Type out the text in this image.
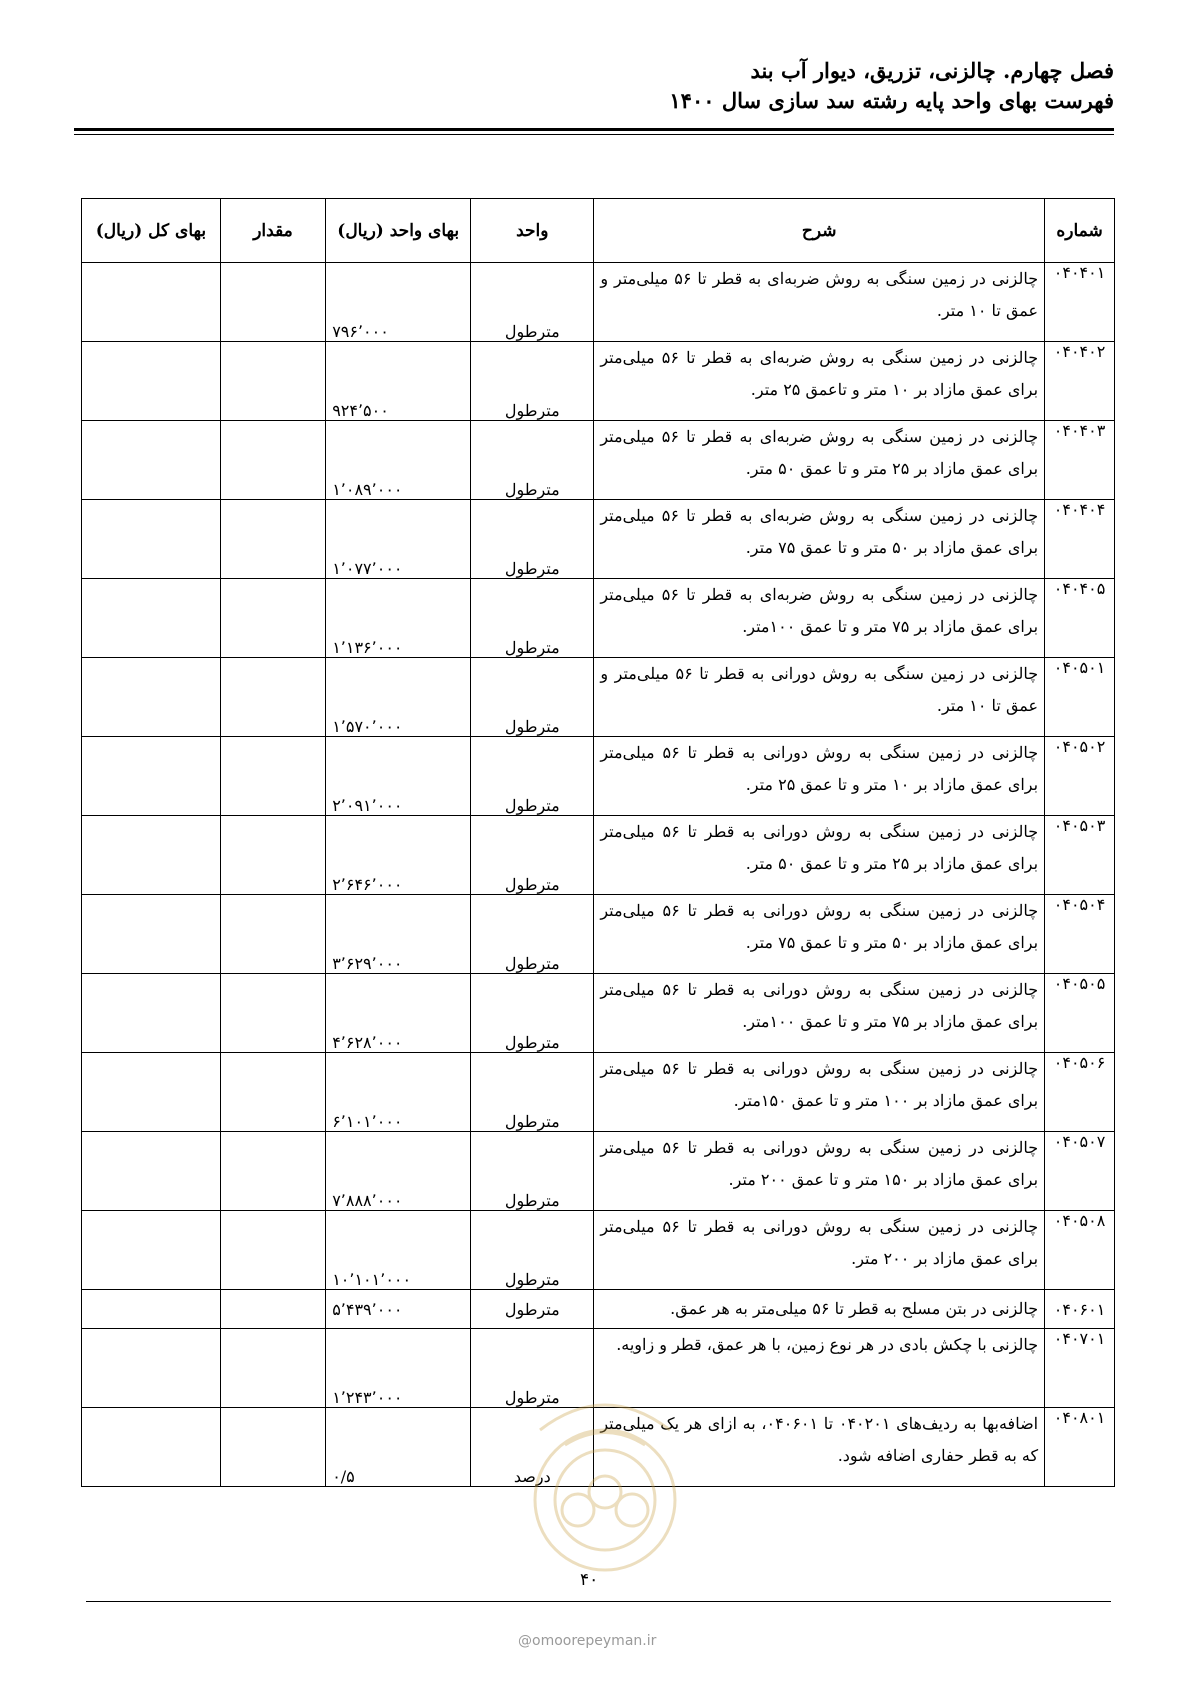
فصل چهارم. چالزنی، تزریق، دیوار آب بند
فهرست بهای واحد پایه رشته سد سازی سال ۱۴۰۰
شماره	شرح	واحد	بهای واحد (ریال)	مقدار	بهای کل (ریال)
۰۴۰۴۰۱	چالزنی در زمین سنگی به روش ضربه‌ای به قطر تا ۵۶ میلی‌متر و عمق تا ۱۰ متر.	مترطول	۷۹۶٬۰۰۰		
۰۴۰۴۰۲	چالزنی در زمین سنگی به روش ضربه‌ای به قطر تا ۵۶ میلی‌متر برای عمق مازاد بر ۱۰ متر و تاعمق ۲۵ متر.	مترطول	۹۲۴٬۵۰۰		
۰۴۰۴۰۳	چالزنی در زمین سنگی به روش ضربه‌ای به قطر تا ۵۶ میلی‌متر برای عمق مازاد بر ۲۵ متر و تا عمق ۵۰ متر.	مترطول	۱٬۰۸۹٬۰۰۰		
۰۴۰۴۰۴	چالزنی در زمین سنگی به روش ضربه‌ای به قطر تا ۵۶ میلی‌متر برای عمق مازاد بر ۵۰ متر و تا عمق ۷۵ متر.	مترطول	۱٬۰۷۷٬۰۰۰		
۰۴۰۴۰۵	چالزنی در زمین سنگی به روش ضربه‌ای به قطر تا ۵۶ میلی‌متر برای عمق مازاد بر ۷۵ متر و تا عمق ۱۰۰متر.	مترطول	۱٬۱۳۶٬۰۰۰		
۰۴۰۵۰۱	چالزنی در زمین سنگی به روش دورانی به قطر تا ۵۶ میلی‌متر و عمق تا ۱۰ متر.	مترطول	۱٬۵۷۰٬۰۰۰		
۰۴۰۵۰۲	چالزنی در زمین سنگی به روش دورانی به قطر تا ۵۶ میلی‌متر برای عمق مازاد بر ۱۰ متر و تا عمق ۲۵ متر.	مترطول	۲٬۰۹۱٬۰۰۰		
۰۴۰۵۰۳	چالزنی در زمین سنگی به روش دورانی به قطر تا ۵۶ میلی‌متر برای عمق مازاد بر ۲۵ متر و تا عمق ۵۰ متر.	مترطول	۲٬۶۴۶٬۰۰۰		
۰۴۰۵۰۴	چالزنی در زمین سنگی به روش دورانی به قطر تا ۵۶ میلی‌متر برای عمق مازاد بر ۵۰ متر و تا عمق ۷۵ متر.	مترطول	۳٬۶۲۹٬۰۰۰		
۰۴۰۵۰۵	چالزنی در زمین سنگی به روش دورانی به قطر تا ۵۶ میلی‌متر برای عمق مازاد بر ۷۵ متر و تا عمق ۱۰۰متر.	مترطول	۴٬۶۲۸٬۰۰۰		
۰۴۰۵۰۶	چالزنی در زمین سنگی به روش دورانی به قطر تا ۵۶ میلی‌متر برای عمق مازاد بر ۱۰۰ متر و تا عمق ۱۵۰متر.	مترطول	۶٬۱۰۱٬۰۰۰		
۰۴۰۵۰۷	چالزنی در زمین سنگی به روش دورانی به قطر تا ۵۶ میلی‌متر برای عمق مازاد بر ۱۵۰ متر و تا عمق ۲۰۰ متر.	مترطول	۷٬۸۸۸٬۰۰۰		
۰۴۰۵۰۸	چالزنی در زمین سنگی به روش دورانی به قطر تا ۵۶ میلی‌متر برای عمق مازاد بر ۲۰۰ متر.	مترطول	۱۰٬۱۰۱٬۰۰۰		
۰۴۰۶۰۱	چالزنی در بتن مسلح به قطر تا ۵۶ میلی‌متر به هر عمق.	مترطول	۵٬۴۳۹٬۰۰۰		
۰۴۰۷۰۱	چالزنی با چکش بادی در هر نوع زمین، با هر عمق، قطر و زاویه.	مترطول	۱٬۲۴۳٬۰۰۰		
۰۴۰۸۰۱	اضافه‌بها به ردیف‌های ۰۴۰۲۰۱ تا ۰۴۰۶۰۱، به ازای هر یک میلی‌متر که به قطر حفاری اضافه شود.	درصد	۰/۵		
۴۰
@omoorepeyman.ir
